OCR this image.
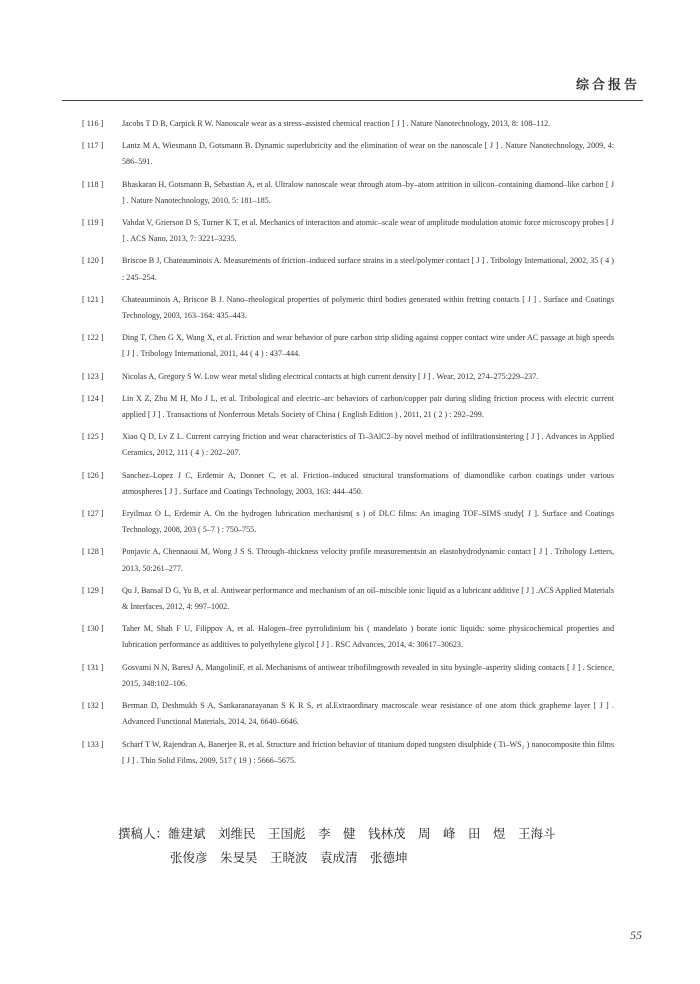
综合报告
[ 116 ]	Jacobs T D B, Carpick R W. Nanoscale wear as a stress–assisted chemical reaction [ J ] . Nature Nanotechnology, 2013, 8: 108–112.
[ 117 ]	Lantz M A, Wiesmann D, Gotsmann B. Dynamic superlubricity and the elimination of wear on the nanoscale [ J ] . Nature Nanotechnology, 2009, 4: 586–591.
[ 118 ]	Bhaskaran H, Gotsmann B, Sebastian A, et al. Ultralow nanoscale wear through atom–by–atom attrition in silicon–containing diamond–like carbon [ J ] . Nature Nanotechnology, 2010, 5: 181–185.
[ 119 ]	Vahdat V, Grierson D S, Turner K T, et al. Mechanics of interaction and atomic–scale wear of amplitude modulation atomic force microscopy probes [ J ] . ACS Nano, 2013, 7: 3221–3235.
[ 120 ]	Briscoe B J, Chateauminois A. Measurements of friction–induced surface strains in a steel/polymer contact [ J ] . Tribology International, 2002, 35 ( 4 ) : 245–254.
[ 121 ]	Chateauminois A, Briscoe B J. Nano–rheological properties of polymeric third bodies generated within fretting contacts [ J ] . Surface and Coatings Technology, 2003, 163–164: 435–443.
[ 122 ]	Ding T, Chen G X, Wang X, et al. Friction and wear behavior of pure carbon strip sliding against copper contact wire under AC passage at high speeds [ J ] . Tribology International, 2011, 44 ( 4 ) : 437–444.
[ 123 ]	Nicolas A, Gregory S W. Low wear metal sliding electrical contacts at high current density [ J ] . Wear, 2012, 274–275:229–237.
[ 124 ]	Lin X Z, Zhu M H, Mo J L, et al. Tribological and electric–arc behaviors of carbon/copper pair during sliding friction process with electric current applied [ J ] . Transactions of Nonferrous Metals Society of China ( English Edition ) , 2011, 21 ( 2 ) : 292–299.
[ 125 ]	Xiao Q D, Lv Z L. Current carrying friction and wear characteristics of Ti–3AlC2–by novel method of infiltrationsintering [ J ] . Advances in Applied Ceramics, 2012, 111 ( 4 ) : 202–207.
[ 126 ]	Sanchez–Lopez J C, Erdemir A, Donnet C, et al. Friction–induced structural transformations of diamondlike carbon coatings under various atmospheres [ J ] . Surface and Coatings Technology, 2003, 163: 444–450.
[ 127 ]	Eryilmaz O L, Erdemir A. On the hydrogen lubrication mechanism( s ) of DLC films: An imaging TOF–SIMS study[ J ]. Surface and Coatings Technology, 2008, 203 ( 5–7 ) : 750–755.
[ 128 ]	Ponjavic A, Chennaoui M, Wong J S S. Through–thickness velocity profile measurementsin an elastohydrodynamic contact [ J ] . Tribology Letters, 2013, 50:261–277.
[ 129 ]	Qu J, Bansal D G, Yu B, et al. Antiwear performance and mechanism of an oil–miscible ionic liquid as a lubricant additive [ J ] .ACS Applied Materials & Interfaces, 2012, 4: 997–1002.
[ 130 ]	Taher M, Shah F U, Filippov A, et al. Halogen–free pyrrolidinium bis ( mandelato ) borate ionic liquids: some physicochemical properties and lubrication performance as additives to polyethylene glycol [ J ] . RSC Advances, 2014, 4: 30617–30623.
[ 131 ]	Gosvami N N, BaresJ A, MangoliniF, et al. Mechanisms of antiwear tribofilmgrowth revealed in situ bysingle–asperity sliding contacts [ J ] . Science, 2015, 348:102–106.
[ 132 ]	Berman D, Deshmukh S A, Sankaranarayanan S K R S, et al.Extraordinary macroscale wear resistance of one atom thick grapheme layer [ J ] . Advanced Functional Materials, 2014, 24, 6640–6646.
[ 133 ]	Scharf T W, Rajendran A, Banerjee R, et al. Structure and friction behavior of titanium doped tungsten disulphide ( Ti–WS₂ ) nanocomposite thin films [ J ] . Thin Solid Films, 2009, 517 ( 19 ) : 5666–5675.
撰稿人：雒建斌　刘维民　王国彪　李　健　钱林茂　周　峰　田　煜　王海斗
张俊彦　朱旻昊　王晓波　袁成清　张德坤
55
